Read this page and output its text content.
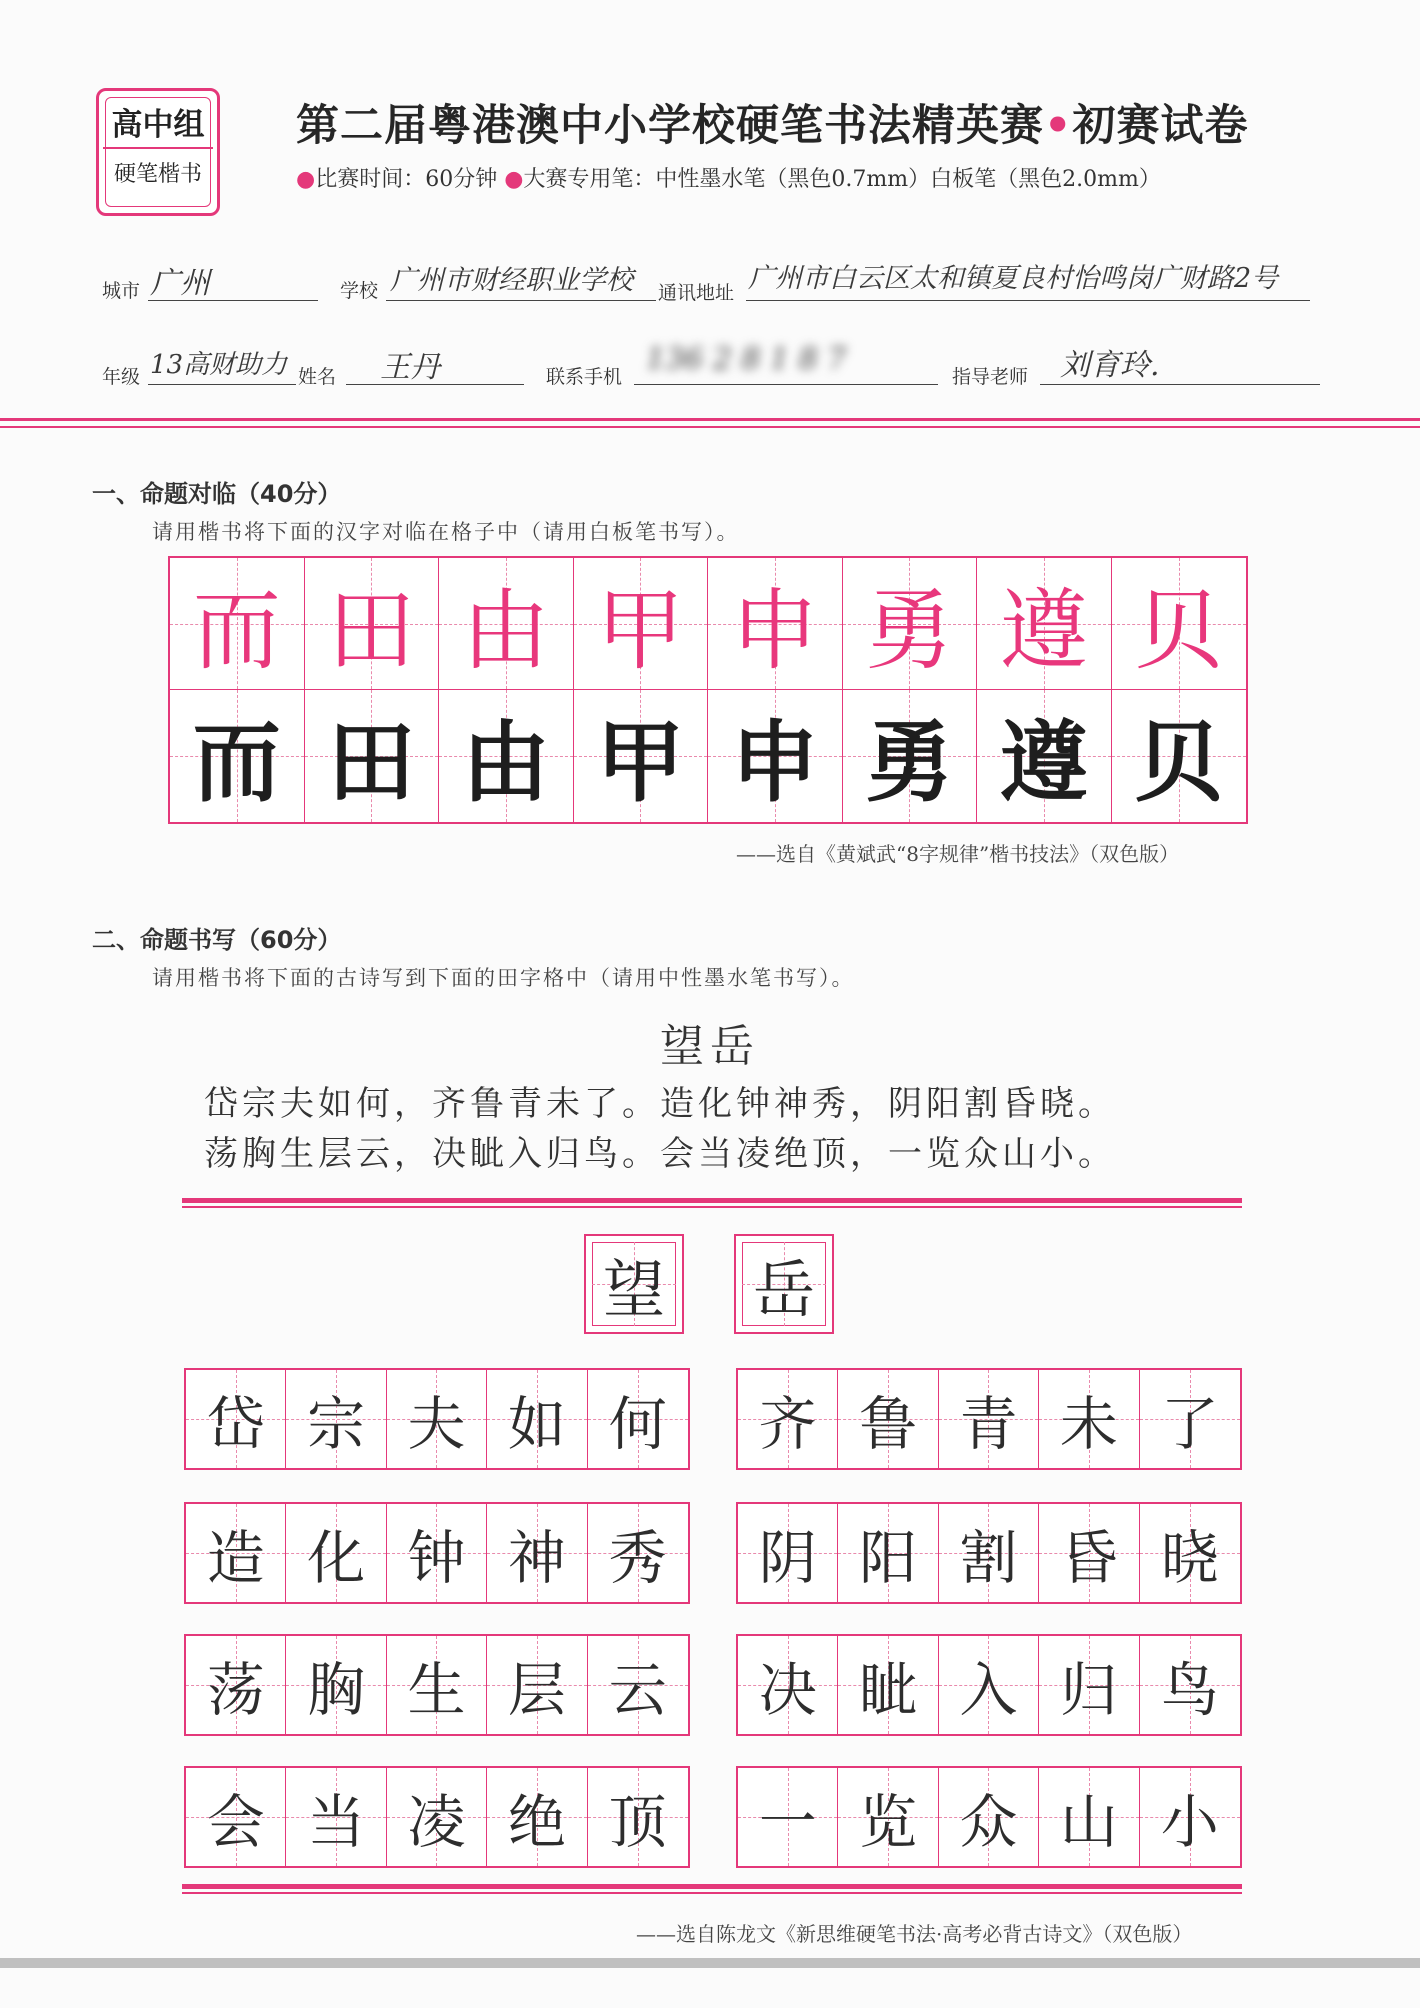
高中组
硬笔楷书
第二届粤港澳中小学校硬笔书法精英赛•初赛试卷
●比赛时间：60分钟 ●大赛专用笔：中性墨水笔（黑色0.7mm）白板笔（黑色2.0mm）
城市 广州	学校 广州市财经职业学校 通讯地址 广州市白云区太和镇夏良村怡鸣岗广财路2号
年级 13高财助力 姓名 王丹	联系手机 136 2 8 1 8 7	指导老师 刘育玲.
一、命题对临（40分）
请用楷书将下面的汉字对临在格子中（请用白板笔书写）。
而 田 由 甲 申 勇 遵 贝
而 田 由 甲 申 勇 遵 贝
——选自《黄斌武“8字规律”楷书技法》（双色版）
二、命题书写（60分）
请用楷书将下面的古诗写到下面的田字格中（请用中性墨水笔书写）。
望岳
岱宗夫如何，齐鲁青未了。造化钟神秀，阴阳割昏晓。
荡胸生层云，决眦入归鸟。会当凌绝顶，一览众山小。
望 岳
岱 宗 夫 如 何	齐 鲁 青 未 了
造 化 钟 神 秀	阴 阳 割 昏 晓
荡 胸 生 层 云	决 眦 入 归 鸟
会 当 凌 绝 顶	一 览 众 山 小
——选自陈龙文《新思维硬笔书法·高考必背古诗文》（双色版）
